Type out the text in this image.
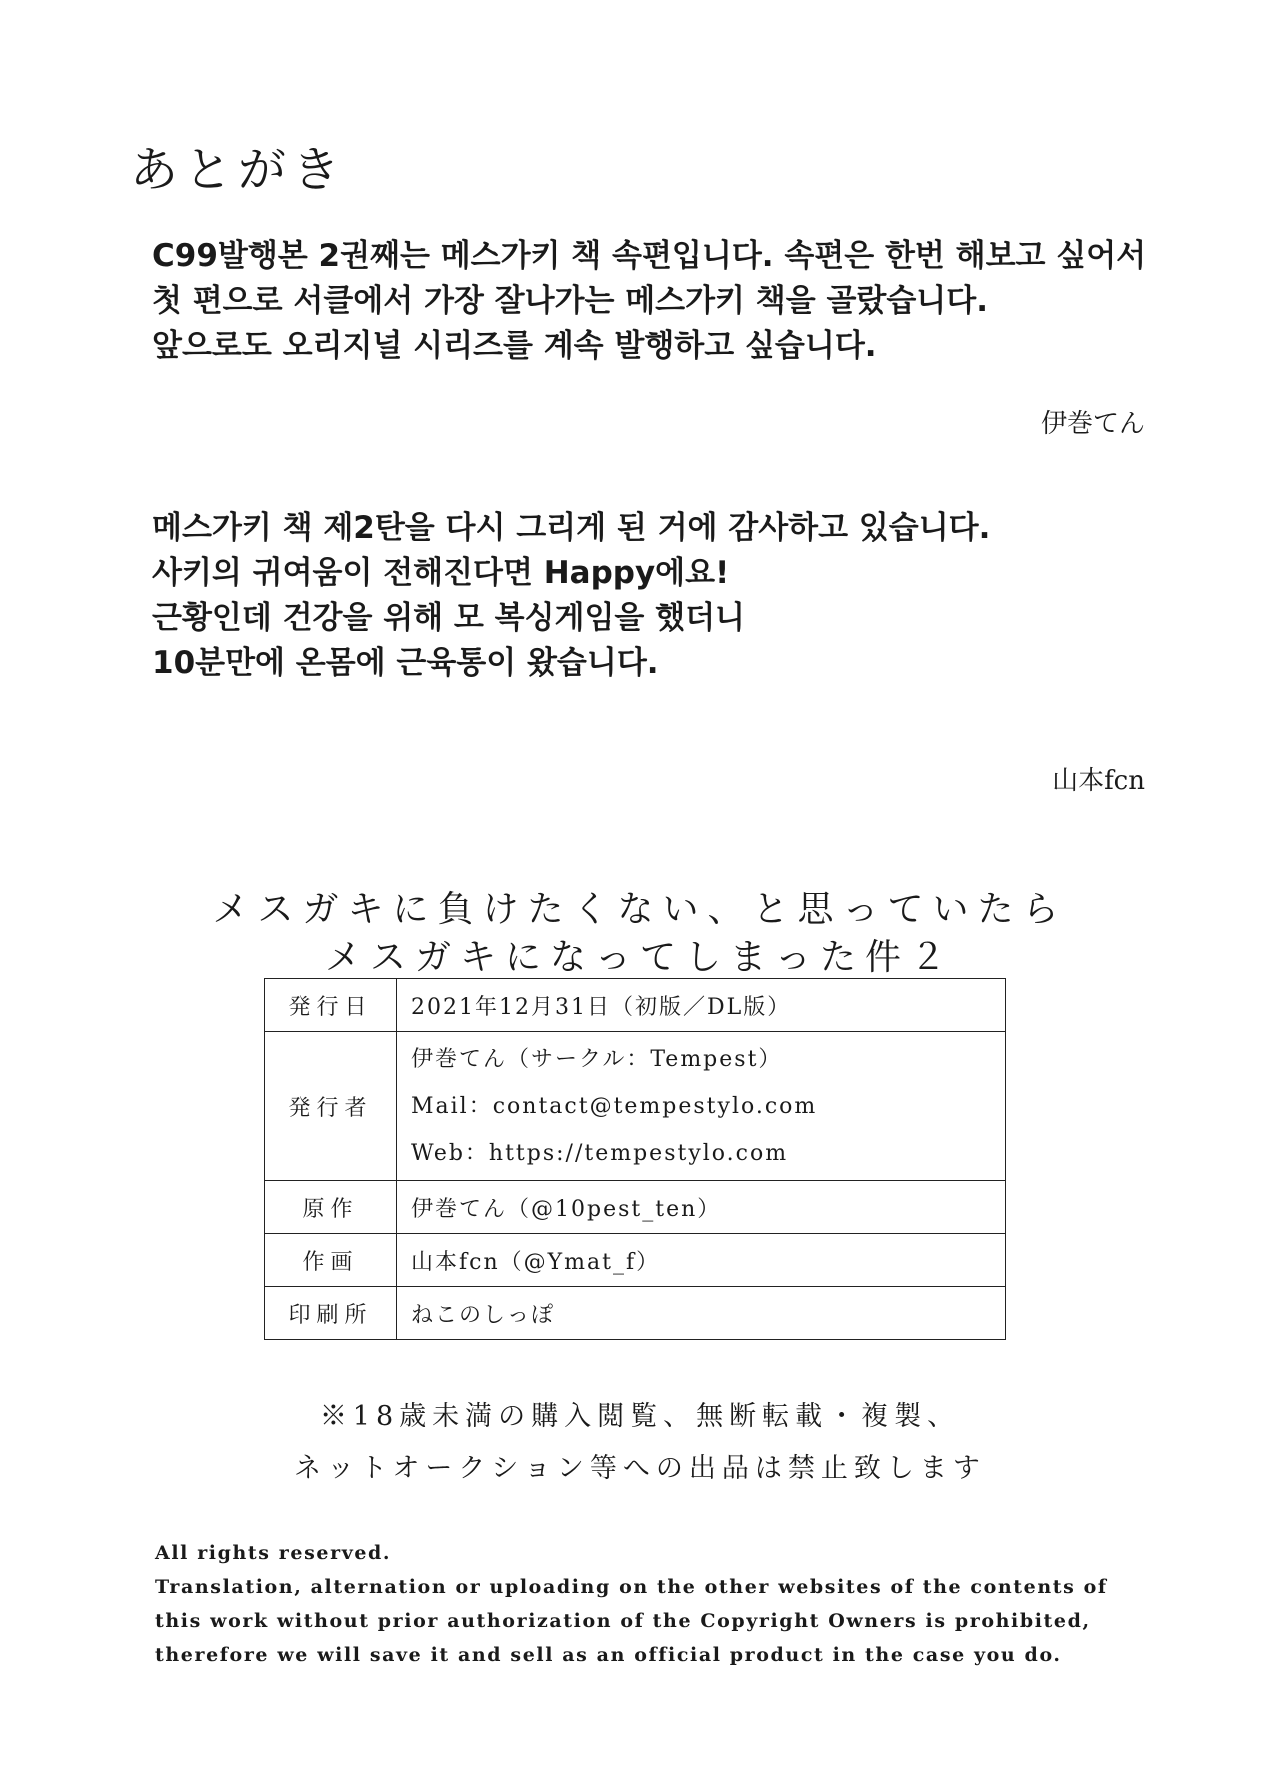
あとがき

C99발행본 2권째는 메스가키 책 속편입니다. 속편은 한번 해보고 싶어서

첫 편으로 서클에서 가장 잘나가는 메스가키 책을 골랐습니다.

앞으로도 오리지널 시리즈를 계속 발행하고 싶습니다.

伊巻てん

메스가키 책 제2탄을 다시 그리게 된 거에 감사하고 있습니다.

사키의 귀여움이 전해진다면 Happy에요!

근황인데 건강을 위해 모 복싱게임을 했더니

10분만에 온몸에 근육통이 왔습니다.

山本fcn

メスガキに負けたくない、と思っていたら
メスガキになってしまった件２
発行日	2021年12月31日（初版／DL版）
発行者	伊巻てん（サークル：Tempest）
Mail：contact@tempestylo.com
Web：https://tempestylo.com

原作	伊巻てん（@10pest_ten）
作画	山本fcn（@Ymat_f）
印刷所	ねこのしっぽ

※18歳未満の購入閲覧、無断転載・複製、
ネットオークション等への出品は禁止致します

All rights reserved.
Translation, alternation or uploading on the other websites of the contents of
this work without prior authorization of the Copyright Owners is prohibited,
therefore we will save it and sell as an official product in the case you do.
